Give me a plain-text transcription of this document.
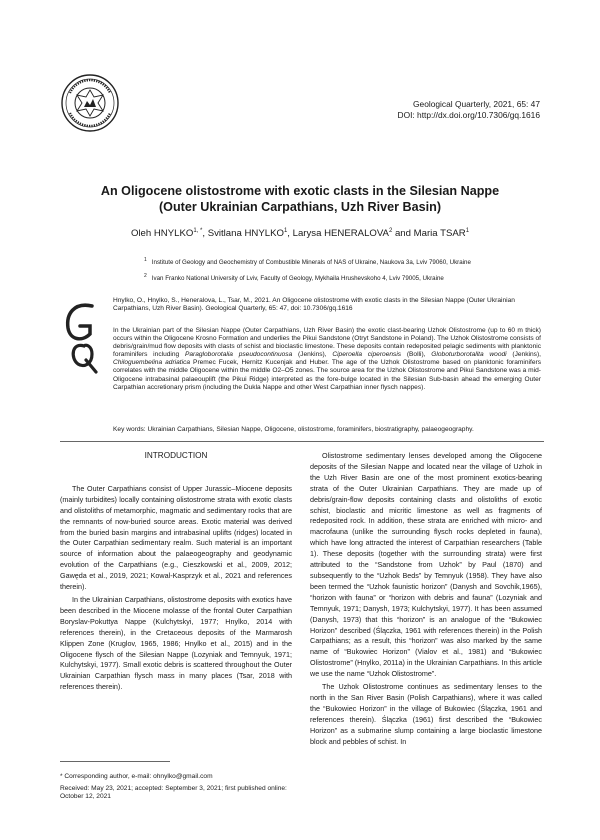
Geological Quarterly, 2021, 65: 47
DOI: http://dx.doi.org/10.7306/gq.1616
An Oligocene olistostrome with exotic clasts in the Silesian Nappe
(Outer Ukrainian Carpathians, Uzh River Basin)
Oleh $HNYLKO^{1, *}$, Svitlana HNYLKO$^1$, Larysa HENERALOVA$^2$ and Maria TSAR$^1$
$^1$ Institute of Geology and Geochemistry of Combustible Minerals of NAS of Ukraine, Naukova 3a, Lviv 79060, Ukraine
$^2$ Ivan Franko National University of Lviv, Faculty of Geology, Mykhaila Hrushevskoho 4, Lviv 79005, Ukraine
Hnylko, O., Hnylko, S., Heneralova, L., Tsar, M., 2021. An Oligocene olistostrome with exotic clasts in the Silesian Nappe (Outer Ukrainian Carpathians, Uzh River Basin). Geological Quarterly, 65: 47, doi: 10.7306/gq.1616
In the Ukrainian part of the Silesian Nappe (Outer Carpathians, Uzh River Basin) the exotic clast-bearing Uzhok Olistostrome (up to 60 m thick) occurs within the Oligocene Krosno Formation and underlies the Pikui Sandstone (Otryt Sandstone in Poland). The Uzhok Olistostrome consists of debris/grain/mud flow deposits with clasts of schist and bioclastic limestone. These deposits contain redeposited pelagic sediments with planktonic foraminifers including Paragloborotalia pseudocontinuosa (Jenkins), Ciperoella ciperoensis (Bolli), Globoturborotalita woodi (Jenkins), Chiloguembelina adriatica Premec Fucek, Hernitz Kucenjak and Huber. The age of the Uzhok Olistostrome based on planktonic foraminifers correlates with the middle Oligocene within the middle O2–O5 zones. The source area for the Uzhok Olistostrome and Pikui Sandstone was a mid-Oligocene intrabasinal palaeouplift (the Pikui Ridge) interpreted as the fore-bulge located in the Silesian Sub-basin ahead the emerging Outer Carpathian accretionary prism (including the Dukla Nappe and other West Carpathian inner flysch nappes).
Key words: Ukrainian Carpathians, Silesian Nappe, Oligocene, olistostrome, foraminifers, biostratigraphy, palaeogeography.

INTRODUCTION

The Outer Carpathians consist of Upper Jurassic–Miocene deposits (mainly turbidites) locally containing olistostrome strata with exotic clasts and olistoliths of metamorphic, magmatic and sedimentary rocks that are the remnants of now-buried source areas. Exotic material was derived from the buried basin margins and intrabasinal uplifts (ridges) located in the Outer Carpathian sedimentary realm. Such material is an important source of information about the palaeogeography and geodynamic evolution of the Carpathians (e.g., Cieszkowski et al., 2009, 2012; Gawęda et al., 2019, 2021; Kowal-Kasprzyk et al., 2021 and references therein).

In the Ukrainian Carpathians, olistostrome deposits with exotics have been described in the Miocene molasse of the frontal Outer Carpathian Boryslav-Pokuttya Nappe (Kulchytskyi, 1977; Hnylko, 2014 with references therein), in the Cretaceous deposits of the Marmarosh Klippen Zone (Kruglov, 1965, 1986; Hnylko et al., 2015) and in the Oligocene flysch of the Silesian Nappe (Lozyniak and Temnyuk, 1971; Kulchytskyi, 1977). Small exotic debris is scattered throughout the Outer Ukrainian Carpathian flysch mass in many places (Tsar, 2018 with references therein).

Olistostrome sedimentary lenses developed among the Oligocene deposits of the Silesian Nappe and located near the village of Uzhok in the Uzh River Basin are one of the most prominent exotics-bearing strata of the Outer Ukrainian Carpathians. They are made up of debris/grain-flow deposits containing clasts and olistoliths of exotic schist, bioclastic and micritic limestone as well as fragments of redeposited rock. In addition, these strata are enriched with micro- and macrofauna (unlike the surrounding flysch rocks depleted in fauna), which have long attracted the interest of Carpathian researchers (Table 1). These deposits (together with the surrounding strata) were first attributed to the “Sandstone from Uzhok” by Paul (1870) and subsequently to the “Uzhok Beds” by Temnyuk (1958). They have also been termed the “Uzhok faunistic horizon” (Danysh and Sovchik,1965), “horizon with fauna” or “horizon with debris and fauna” (Lozyniak and Temnyuk, 1971; Danysh, 1973; Kulchytskyi, 1977). It has been assumed (Danysh, 1973) that this “horizon” is an analogue of the “Bukowiec Horizon” described (Ślączka, 1961 with references therein) in the Polish Carpathians; as a result, this “horizon” was also marked by the same name of “Bukowiec Horizon” (Vialov et al., 1981) and “Bukowiec Olistostrome” (Hnylko, 2011a) in the Ukrainian Carpathians. In this article we use the name “Uzhok Olistostrome”.

The Uzhok Olistostrome continues as sedimentary lenses to the north in the San River Basin (Polish Carpathians), where it was called the “Bukowiec Horizon” in the village of Bukowiec (Ślączka, 1961 and references therein). Ślączka (1961) first described the “Bukowiec Horizon” as a submarine slump containing a large bioclastic limestone block and pebbles of schist. In

* Corresponding author, e-mail: ohnylko@gmail.com
Received: May 23, 2021; accepted: September 3, 2021; first published online: October 12, 2021
